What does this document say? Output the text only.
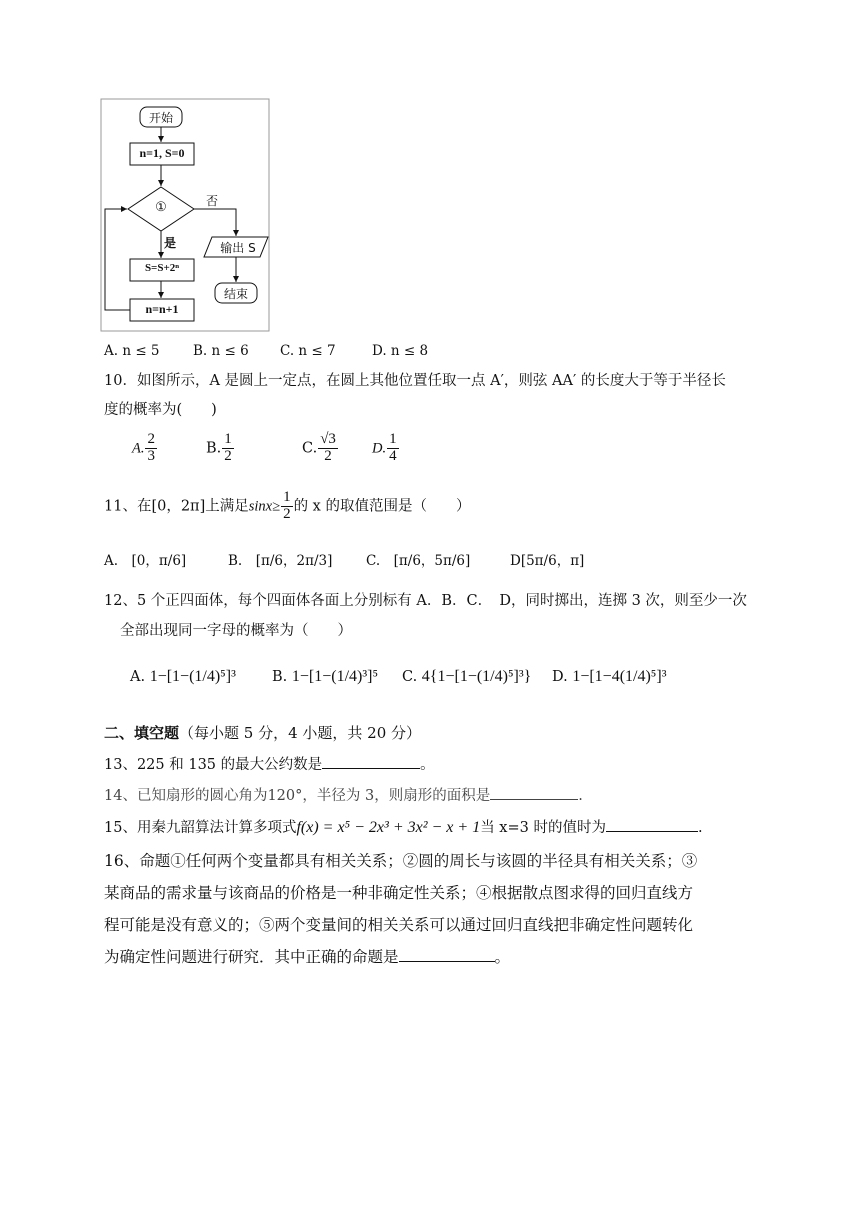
开始
n=1, S=0
①	否
是
S=S+2ⁿ
输出 S
n=n+1
结束
A. n ≤ 5 B. n ≤ 6 C. n ≤ 7	D. n ≤ 8
10．如图所示，A 是圆上一定点，在圆上其他位置任取一点 A′，则弦 AA′ 的长度大于等于半径长
度的概率为(　　)
A. $\frac{2}{3}$	B. $\frac{1}{2}$	C. $\frac{√3}{2} D$. $\frac{1}{4}$
11、在[0，2π]上满足$\sin x\ge \frac{1}{2}$ 的 x 的取值范围是（　　）
A.　[0，π/6]	B.　[π/6，2π/3] C.　[π/6，5π/6]	D[5π/6，π]
12、5 个正四面体，每个四面体各面上分别标有 A．B．C．　D，同时掷出，连掷 3 次，则至少一次
全部出现同一字母的概率为（　　）
A. 1−[1−(1/4)⁵]³ B. 1−[1−(1/4)³]⁵ C. 4{1−[1−(1/4)⁵]³} D. 1−[1−4(1/4)⁵]³
二、填空题（每小题 5 分，4 小题，共 20 分）
13、225 和 135 的最大公约数是	。
14、已知扇形的圆心角为120°，半径为 3，则扇形的面积是	.
15、用秦九韶算法计算多项式f(x) = x⁵ − 2x³ + 3x² − x + 1当 x=3 时的值时为	.
16、命题①任何两个变量都具有相关关系；②圆的周长与该圆的半径具有相关关系；③
某商品的需求量与该商品的价格是一种非确定性关系；④根据散点图求得的回归直线方
程可能是没有意义的；⑤两个变量间的相关关系可以通过回归直线把非确定性问题转化
为确定性问题进行研究．其中正确的命题是	。
